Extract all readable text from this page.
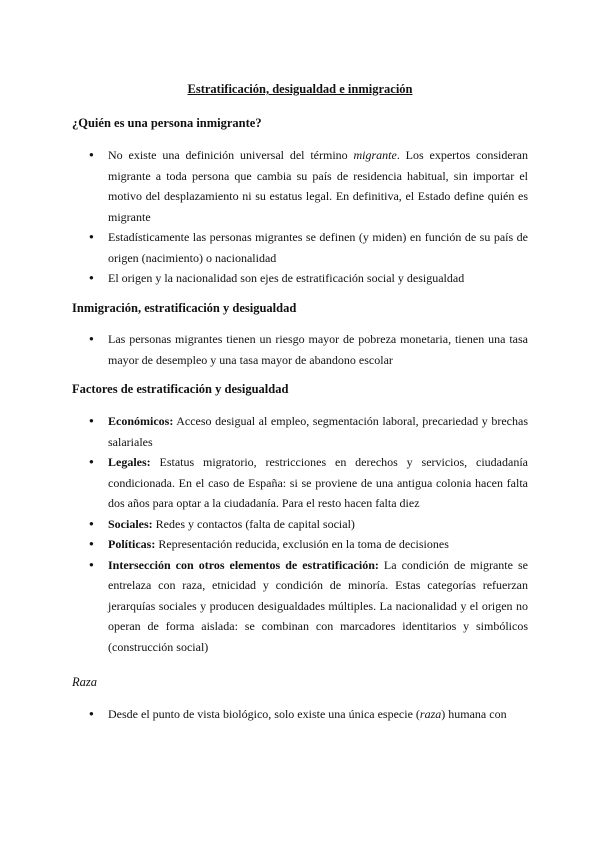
Estratificación, desigualdad e inmigración
¿Quién es una persona inmigrante?
● No existe una definición universal del término migrante. Los expertos consideran migrante a toda persona que cambia su país de residencia habitual, sin importar el motivo del desplazamiento ni su estatus legal. En definitiva, el Estado define quién es migrante
● Estadísticamente las personas migrantes se definen (y miden) en función de su país de origen (nacimiento) o nacionalidad
● El origen y la nacionalidad son ejes de estratificación social y desigualdad
Inmigración, estratificación y desigualdad
● Las personas migrantes tienen un riesgo mayor de pobreza monetaria, tienen una tasa mayor de desempleo y una tasa mayor de abandono escolar
Factores de estratificación y desigualdad
● Económicos: Acceso desigual al empleo, segmentación laboral, precariedad y brechas salariales
● Legales: Estatus migratorio, restricciones en derechos y servicios, ciudadanía condicionada. En el caso de España: si se proviene de una antigua colonia hacen falta dos años para optar a la ciudadanía. Para el resto hacen falta diez
● Sociales: Redes y contactos (falta de capital social)
● Políticas: Representación reducida, exclusión en la toma de decisiones
● Intersección con otros elementos de estratificación: La condición de migrante se entrelaza con raza, etnicidad y condición de minoría. Estas categorías refuerzan jerarquías sociales y producen desigualdades múltiples. La nacionalidad y el origen no operan de forma aislada: se combinan con marcadores identitarios y simbólicos (construcción social)
Raza
● Desde el punto de vista biológico, solo existe una única especie (raza) humana con
